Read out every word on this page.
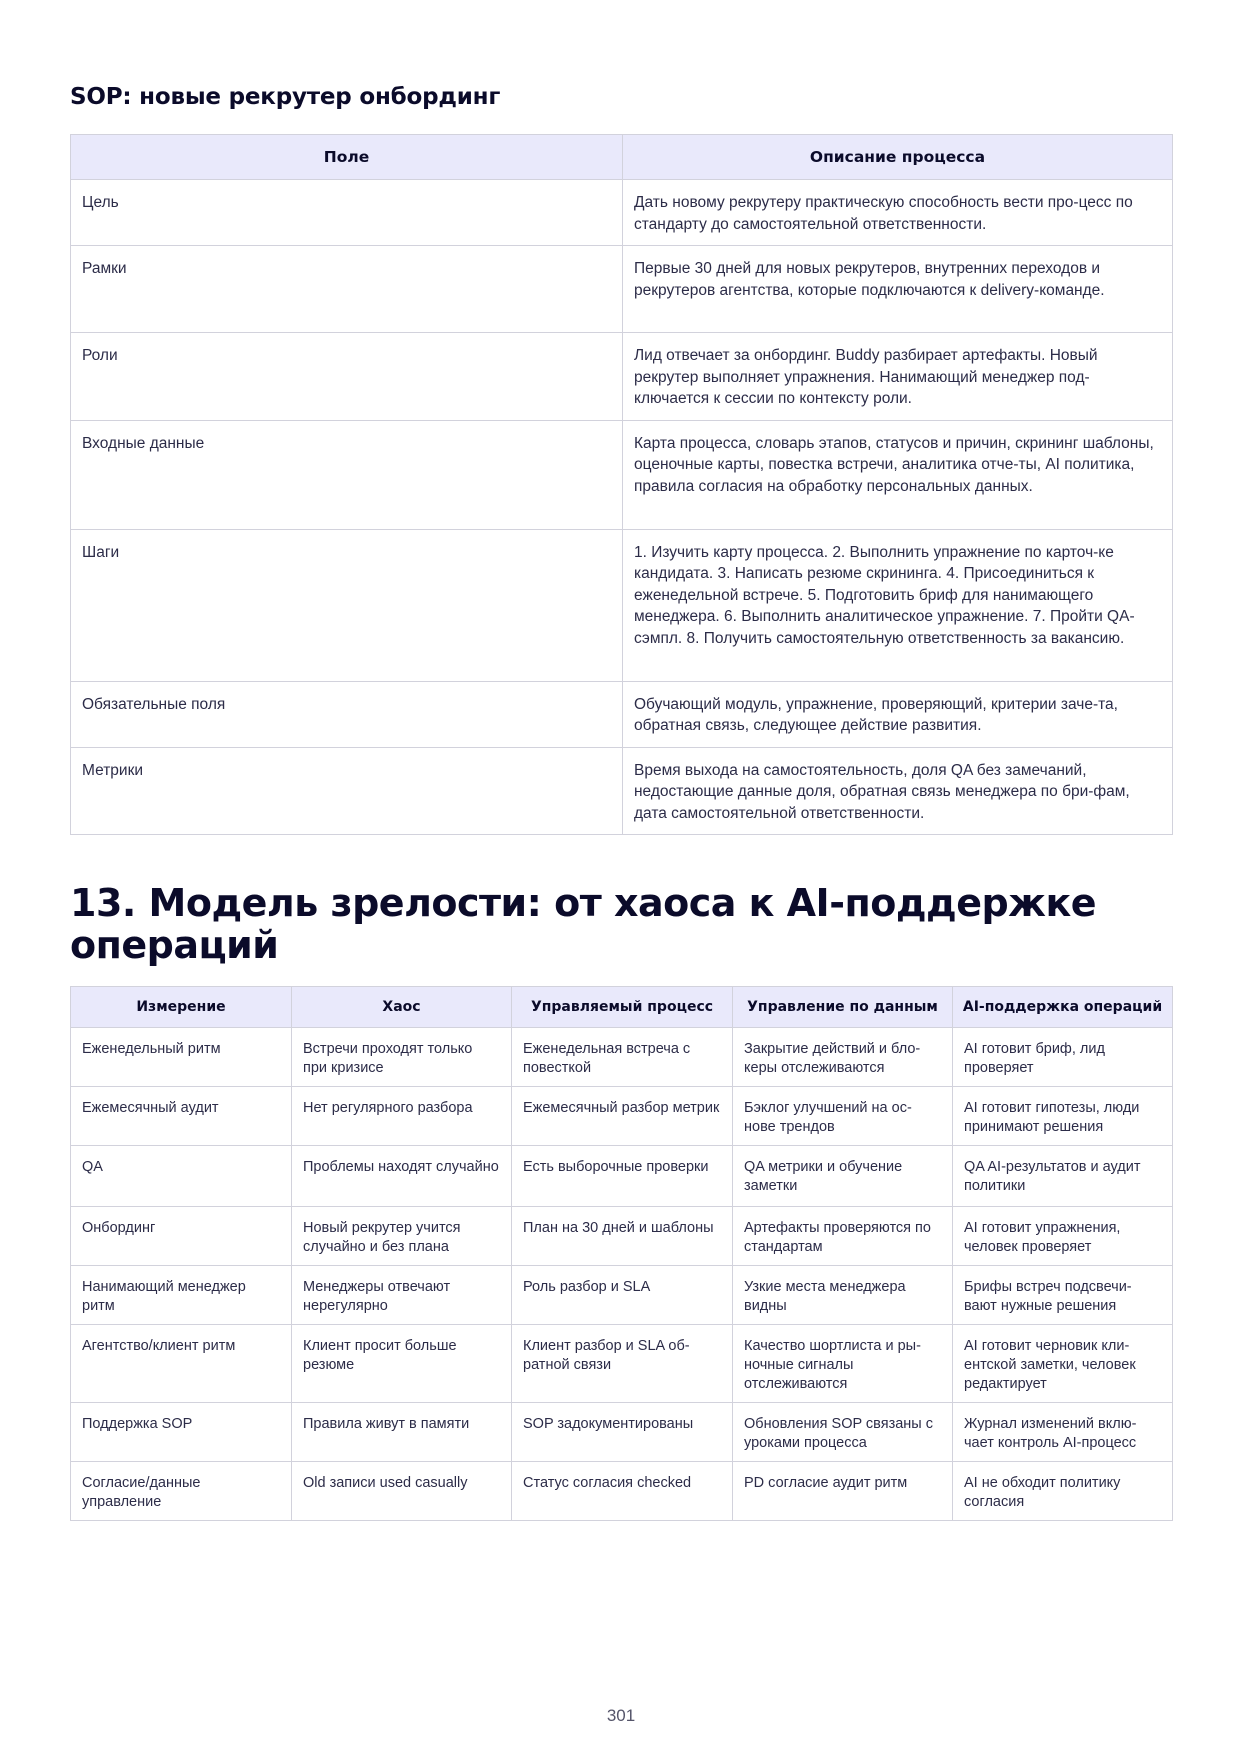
SOP: новые рекрутер онбординг
Поле	Описание процесса
Цель	Дать новому рекрутеру практическую способность вести про-цесс по стандарту до самостоятельной ответственности.
Рамки	Первые 30 дней для новых рекрутеров, внутренних переходов и рекрутеров агентства, которые подключаются к delivery-команде.
Роли	Лид отвечает за онбординг. Buddy разбирает артефакты. Новый рекрутер выполняет упражнения. Нанимающий менеджер под-ключается к сессии по контексту роли.
Входные данные	Карта процесса, словарь этапов, статусов и причин, скрининг шаблоны, оценочные карты, повестка встречи, аналитика отче-ты, AI политика, правила согласия на обработку персональных данных.
Шаги	1. Изучить карту процесса. 2. Выполнить упражнение по карточ-ке кандидата. 3. Написать резюме скрининга. 4. Присоединиться к еженедельной встрече. 5. Подготовить бриф для нанимающего менеджера. 6. Выполнить аналитическое упражнение. 7. Пройти QA-сэмпл. 8. Получить самостоятельную ответственность за вакансию.
Обязательные поля	Обучающий модуль, упражнение, проверяющий, критерии заче-та, обратная связь, следующее действие развития.
Метрики	Время выхода на самостоятельность, доля QA без замечаний, недостающие данные доля, обратная связь менеджера по бри-фам, дата самостоятельной ответственности.
13. Модель зрелости: от хаоса к AI-поддержке операций
Измерение	Хаос	Управляемый процесс	Управление по данным	AI-поддержка операций
Еженедельный ритм	Встречи проходят только при кризисе	Еженедельная встреча с повесткой	Закрытие действий и бло-керы отслеживаются	AI готовит бриф, лид проверяет
Ежемесячный аудит	Нет регулярного разбора	Ежемесячный разбор метрик	Бэклог улучшений на ос-нове трендов	AI готовит гипотезы, люди принимают решения
QA	Проблемы находят случайно	Есть выборочные проверки	QA метрики и обучение заметки	QA AI-результатов и аудит политики
Онбординг	Новый рекрутер учится случайно и без плана	План на 30 дней и шаблоны	Артефакты проверяются по стандартам	AI готовит упражнения, человек проверяет
Нанимающий менеджер ритм	Менеджеры отвечают нерегулярно	Роль разбор и SLA	Узкие места менеджера видны	Брифы встреч подсвечи-вают нужные решения
Агентство/клиент ритм	Клиент просит больше резюме	Клиент разбор и SLA об-ратной связи	Качество шортлиста и ры-ночные сигналы отслеживаются	AI готовит черновик кли-ентской заметки, человек редактирует
Поддержка SOP	Правила живут в памяти	SOP задокументированы	Обновления SOP связаны с уроками процесса	Журнал изменений вклю-чает контроль AI-процесс
Согласие/данные управление	Old записи used casually	Статус согласия checked	PD согласие аудит ритм	AI не обходит политику согласия
301
